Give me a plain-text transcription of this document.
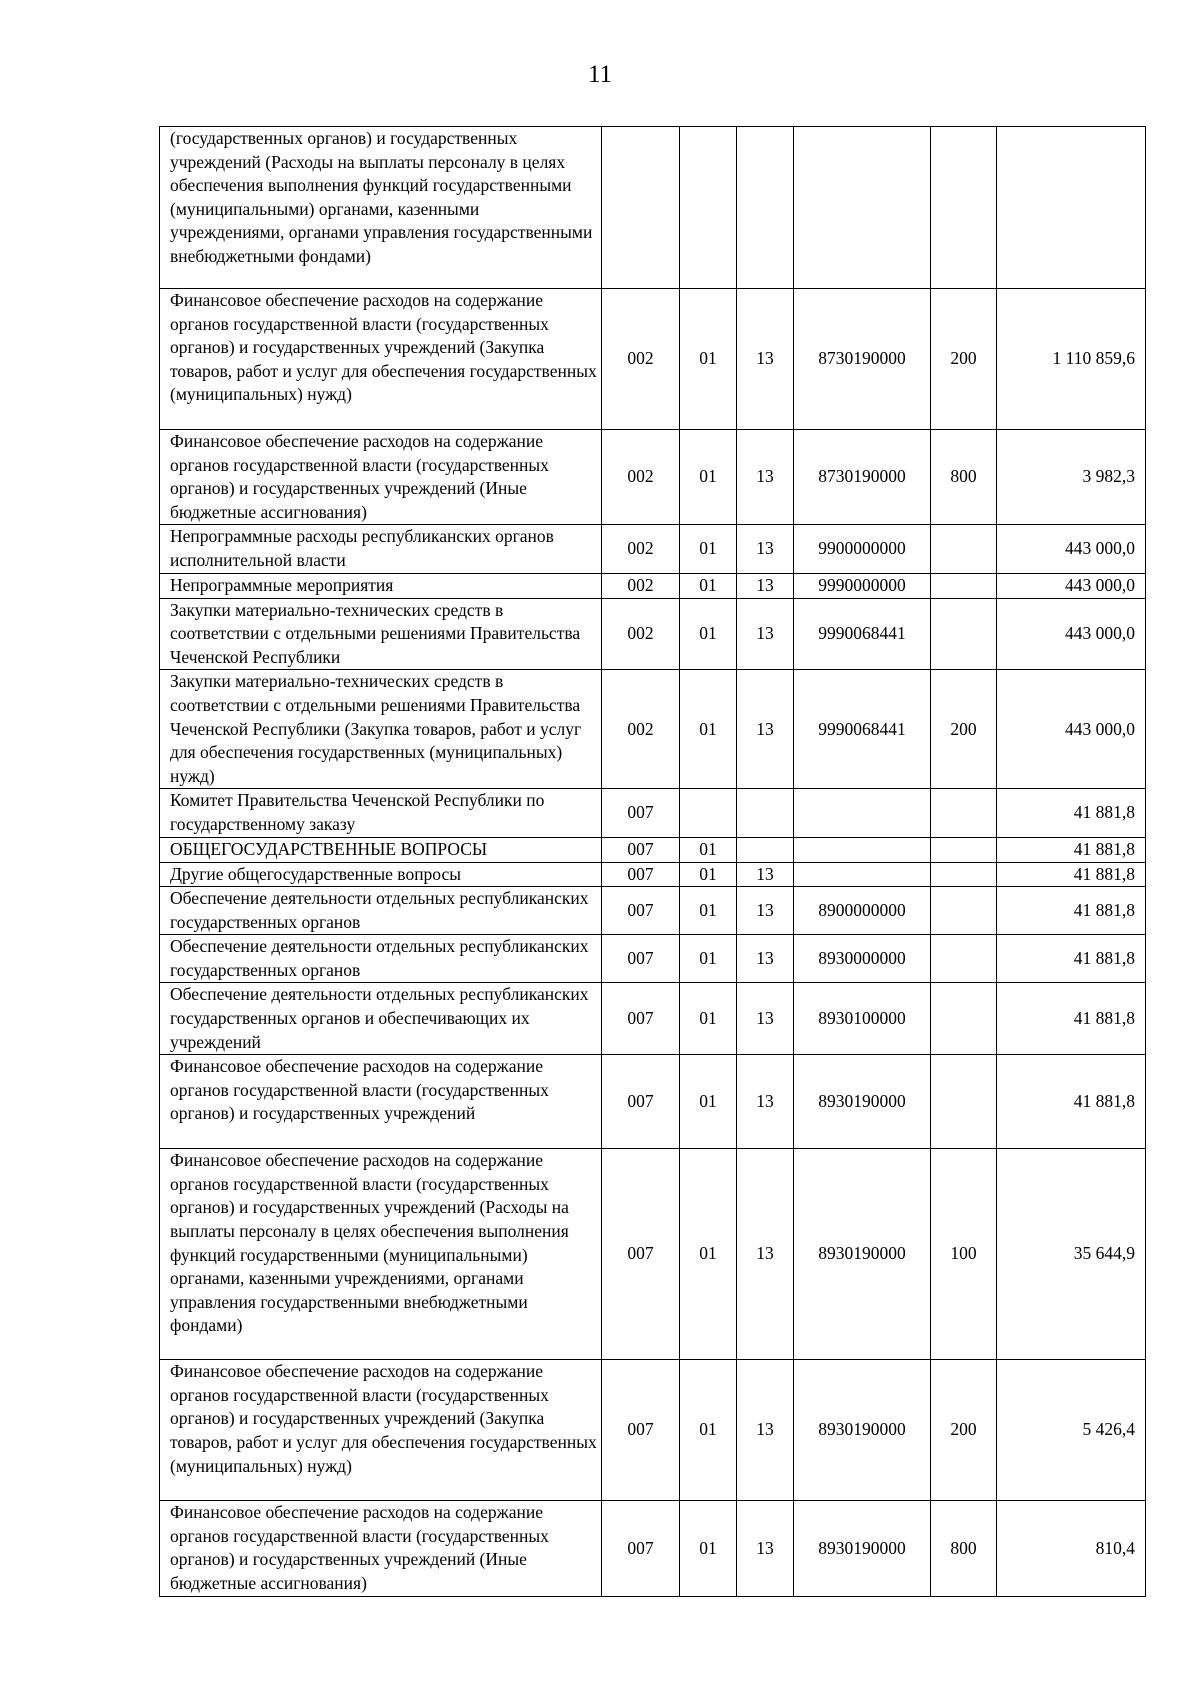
11
(государственных органов) и государственных учреждений (Расходы на выплаты персоналу в целях обеспечения выполнения функций государственными (муниципальными) органами, казенными учреждениями, органами управления государственными внебюджетными фондами)						
Финансовое обеспечение расходов на содержание органов государственной власти (государственных органов) и государственных учреждений (Закупка товаров, работ и услуг для обеспечения государственных (муниципальных) нужд)	002	01	13	8730190000	200	1 110 859,6
Финансовое обеспечение расходов на содержание органов государственной власти (государственных органов) и государственных учреждений (Иные бюджетные ассигнования)	002	01	13	8730190000	800	3 982,3
Непрограммные расходы республиканских органов исполнительной власти	002	01	13	9900000000		443 000,0
Непрограммные мероприятия	002	01	13	9990000000		443 000,0
Закупки материально-технических средств в соответствии с отдельными решениями Правительства Чеченской Республики	002	01	13	9990068441		443 000,0
Закупки материально-технических средств в соответствии с отдельными решениями Правительства Чеченской Республики (Закупка товаров, работ и услуг для обеспечения государственных (муниципальных) нужд)	002	01	13	9990068441	200	443 000,0
Комитет Правительства Чеченской Республики по государственному заказу	007					41 881,8
ОБЩЕГОСУДАРСТВЕННЫЕ ВОПРОСЫ	007	01				41 881,8
Другие общегосударственные вопросы	007	01	13			41 881,8
Обеспечение деятельности отдельных республиканских государственных органов	007	01	13	8900000000		41 881,8
Обеспечение деятельности отдельных республиканских государственных органов	007	01	13	8930000000		41 881,8
Обеспечение деятельности отдельных республиканских государственных органов и обеспечивающих их учреждений	007	01	13	8930100000		41 881,8
Финансовое обеспечение расходов на содержание органов государственной власти (государственных органов) и государственных учреждений	007	01	13	8930190000		41 881,8
Финансовое обеспечение расходов на содержание органов государственной власти (государственных органов) и государственных учреждений (Расходы на выплаты персоналу в целях обеспечения выполнения функций государственными (муниципальными) органами, казенными учреждениями, органами управления государственными внебюджетными фондами)	007	01	13	8930190000	100	35 644,9
Финансовое обеспечение расходов на содержание органов государственной власти (государственных органов) и государственных учреждений (Закупка товаров, работ и услуг для обеспечения государственных (муниципальных) нужд)	007	01	13	8930190000	200	5 426,4
Финансовое обеспечение расходов на содержание органов государственной власти (государственных органов) и государственных учреждений (Иные бюджетные ассигнования)	007	01	13	8930190000	800	810,4
